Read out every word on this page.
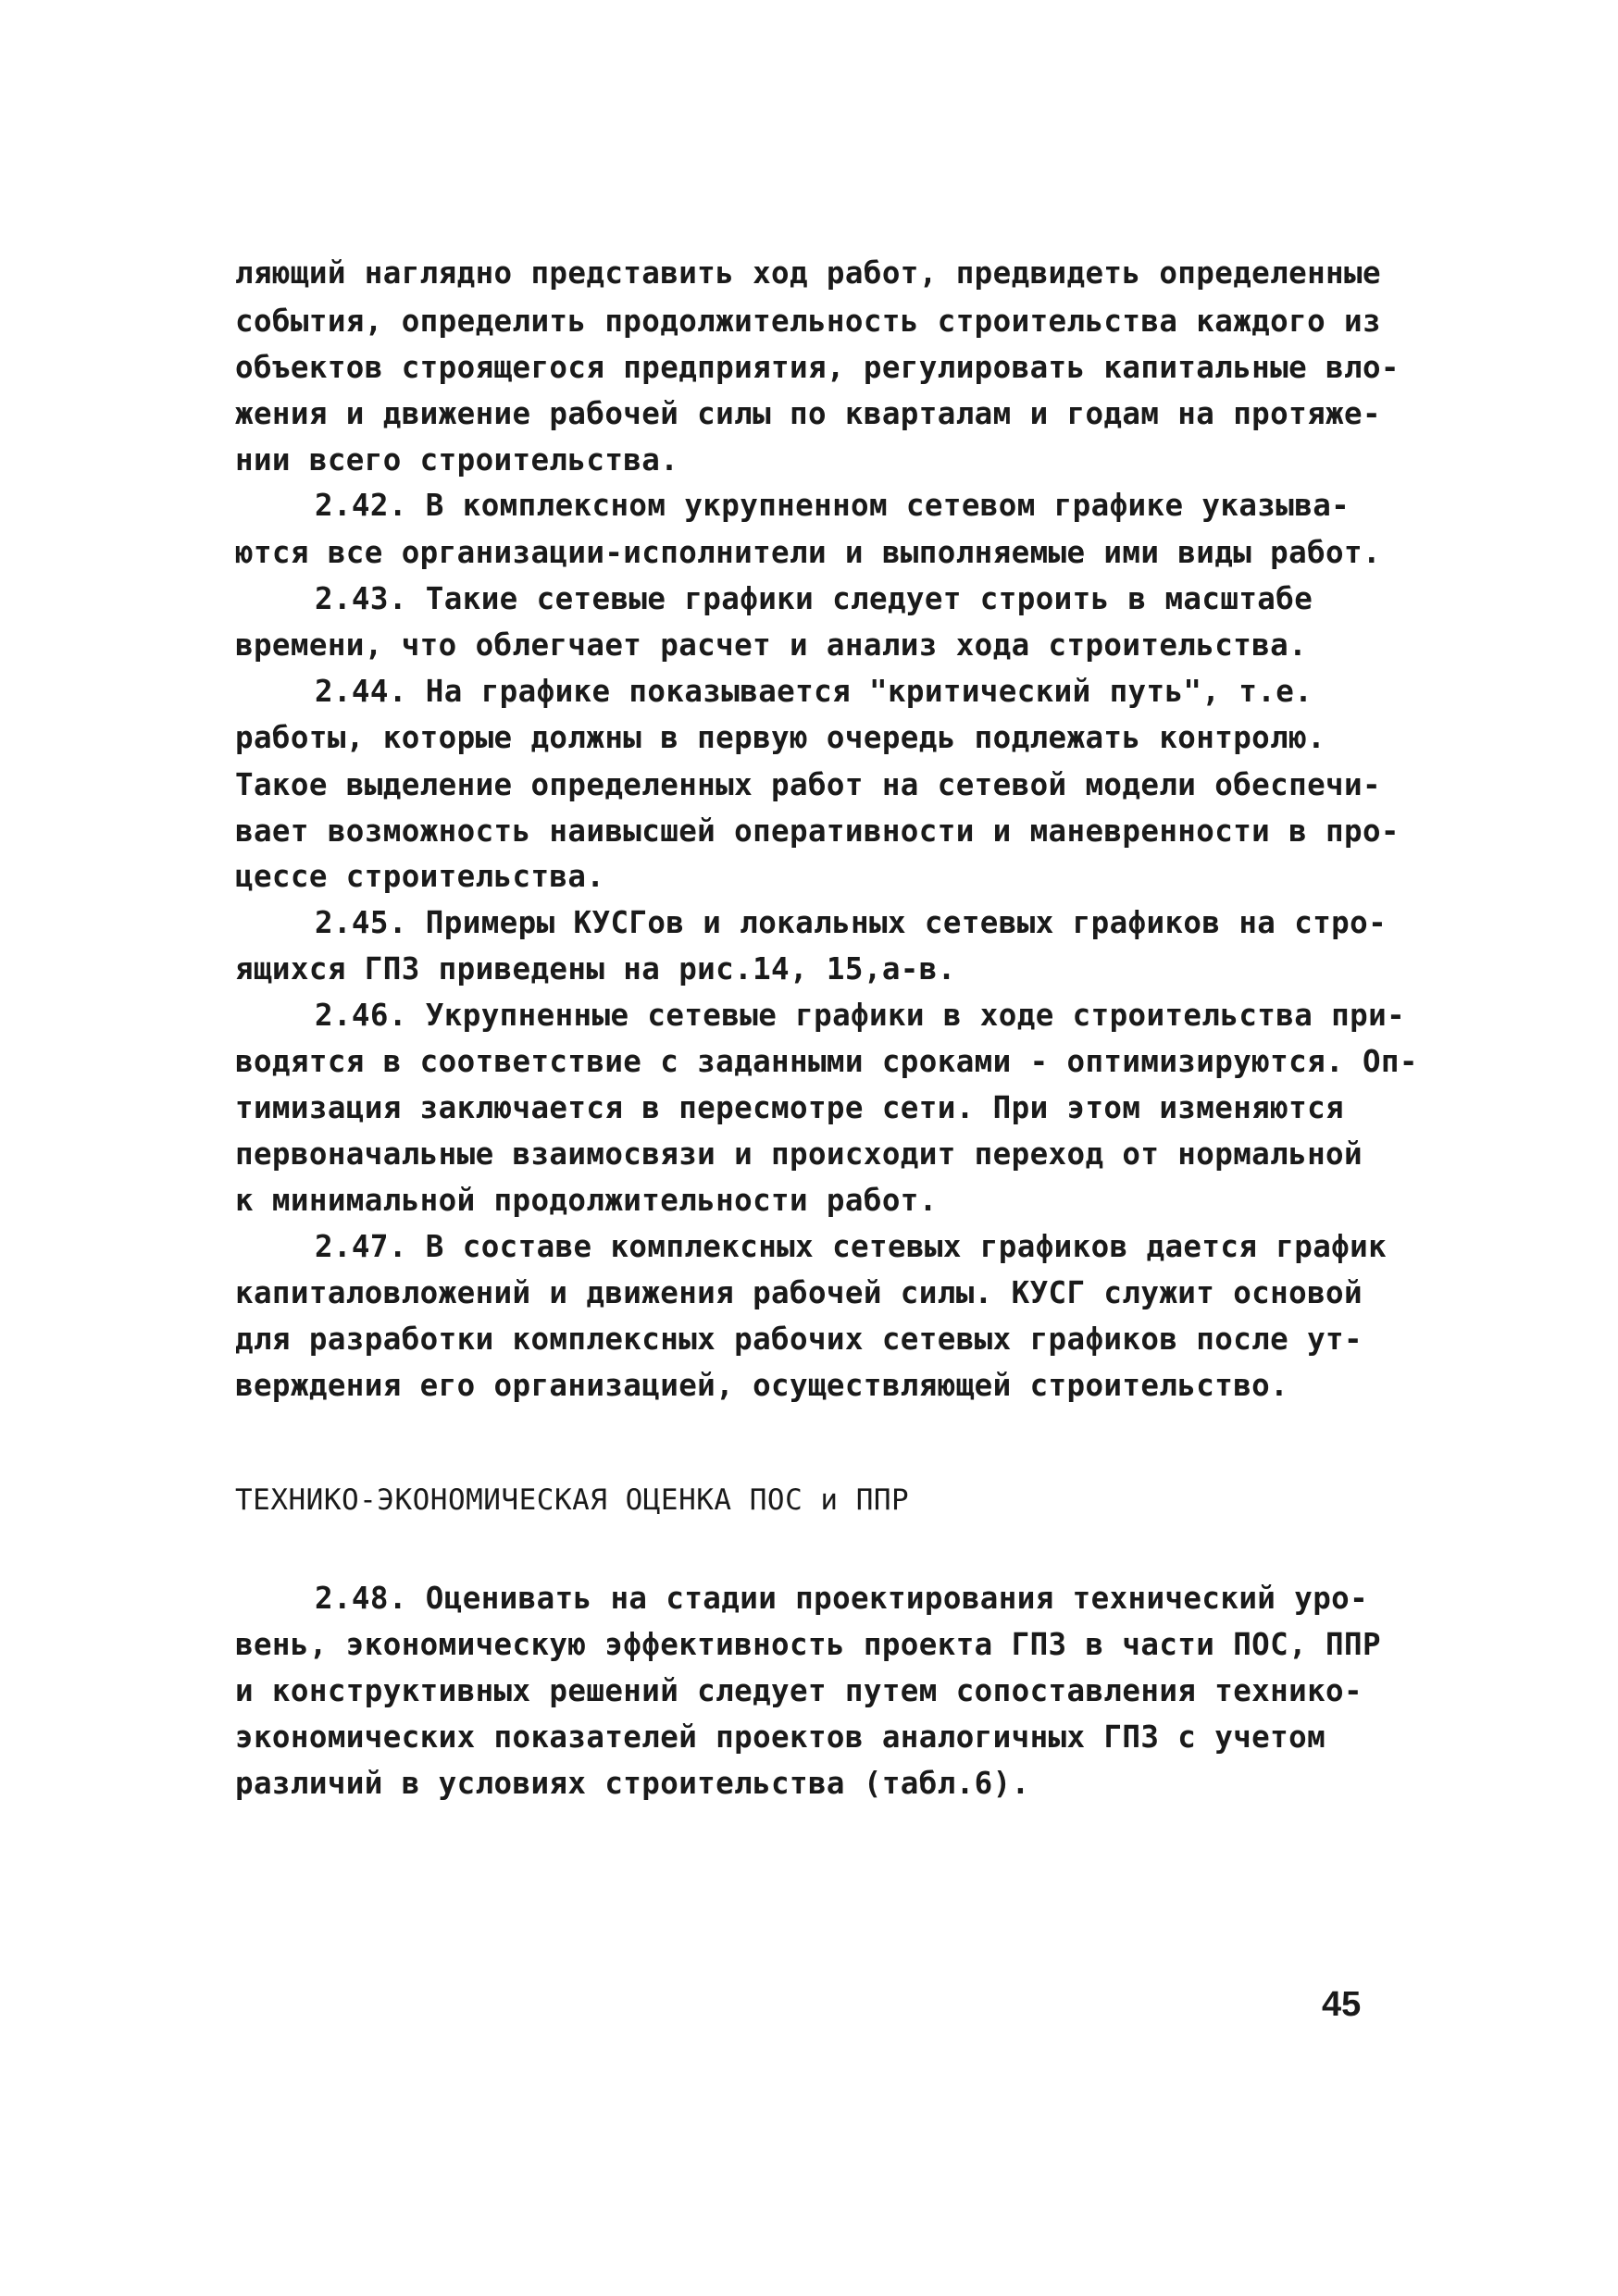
ляющий наглядно представить ход работ, предвидеть определенные
события, определить продолжительность строительства каждого из
объектов строящегося предприятия, регулировать капитальные вло-
жения и движение рабочей силы по кварталам и годам на протяже-
нии всего строительства.
2.42. В комплексном укрупненном сетевом графике указыва-
ются все организации-исполнители и выполняемые ими виды работ.
2.43. Такие сетевые графики следует строить в масштабе
времени, что облегчает расчет и анализ хода строительства.
2.44. На графике показывается "критический путь", т.е.
работы, которые должны в первую очередь подлежать контролю.
Такое выделение определенных работ на сетевой модели обеспечи-
вает возможность наивысшей оперативности и маневренности в про-
цессе строительства.
2.45. Примеры КУСГов и локальных сетевых графиков на стро-
ящихся ГПЗ приведены на рис.14, 15,а-в.
2.46. Укрупненные сетевые графики в ходе строительства при-
водятся в соответствие с заданными сроками - оптимизируются. Оп-
тимизация заключается в пересмотре сети. При этом изменяются
первоначальные взаимосвязи и происходит переход от нормальной
к минимальной продолжительности работ.
2.47. В составе комплексных сетевых графиков дается график
капиталовложений и движения рабочей силы. КУСГ служит основой
для разработки комплексных рабочих сетевых графиков после ут-
верждения его организацией, осуществляющей строительство.
ТЕХНИКО-ЭКОНОМИЧЕСКАЯ ОЦЕНКА ПОС и ППР
2.48. Оценивать на стадии проектирования технический уро-
вень, экономическую эффективность проекта ГПЗ в части ПОС, ППР
и конструктивных решений следует путем сопоставления технико-
экономических показателей проектов аналогичных ГПЗ с учетом
различий в условиях строительства (табл.6).
45
